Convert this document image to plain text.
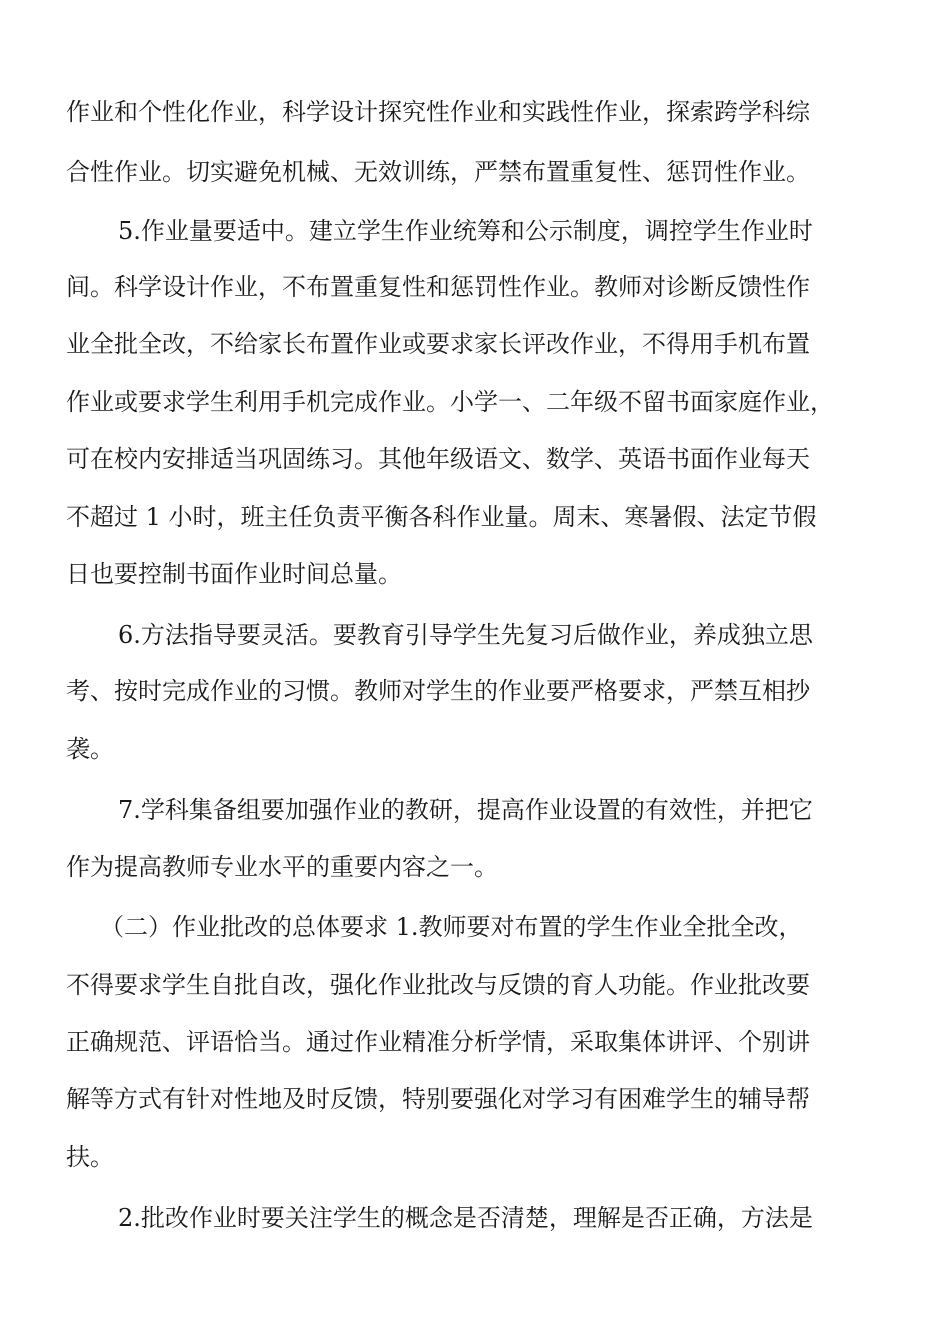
作业和个性化作业，科学设计探究性作业和实践性作业，探索跨学科综
合性作业。切实避免机械、无效训练，严禁布置重复性、惩罚性作业。
5.作业量要适中。建立学生作业统筹和公示制度，调控学生作业时
间。科学设计作业，不布置重复性和惩罚性作业。教师对诊断反馈性作
业全批全改，不给家长布置作业或要求家长评改作业，不得用手机布置
作业或要求学生利用手机完成作业。小学一、二年级不留书面家庭作业，
可在校内安排适当巩固练习。其他年级语文、数学、英语书面作业每天
不超过 1 小时，班主任负责平衡各科作业量。周末、寒暑假、法定节假
日也要控制书面作业时间总量。
6.方法指导要灵活。要教育引导学生先复习后做作业，养成独立思
考、按时完成作业的习惯。教师对学生的作业要严格要求，严禁互相抄
袭。
7.学科集备组要加强作业的教研，提高作业设置的有效性，并把它
作为提高教师专业水平的重要内容之一。
（二）作业批改的总体要求 1.教师要对布置的学生作业全批全改，
不得要求学生自批自改，强化作业批改与反馈的育人功能。作业批改要
正确规范、评语恰当。通过作业精准分析学情，采取集体讲评、个别讲
解等方式有针对性地及时反馈，特别要强化对学习有困难学生的辅导帮
扶。
2.批改作业时要关注学生的概念是否清楚，理解是否正确，方法是
